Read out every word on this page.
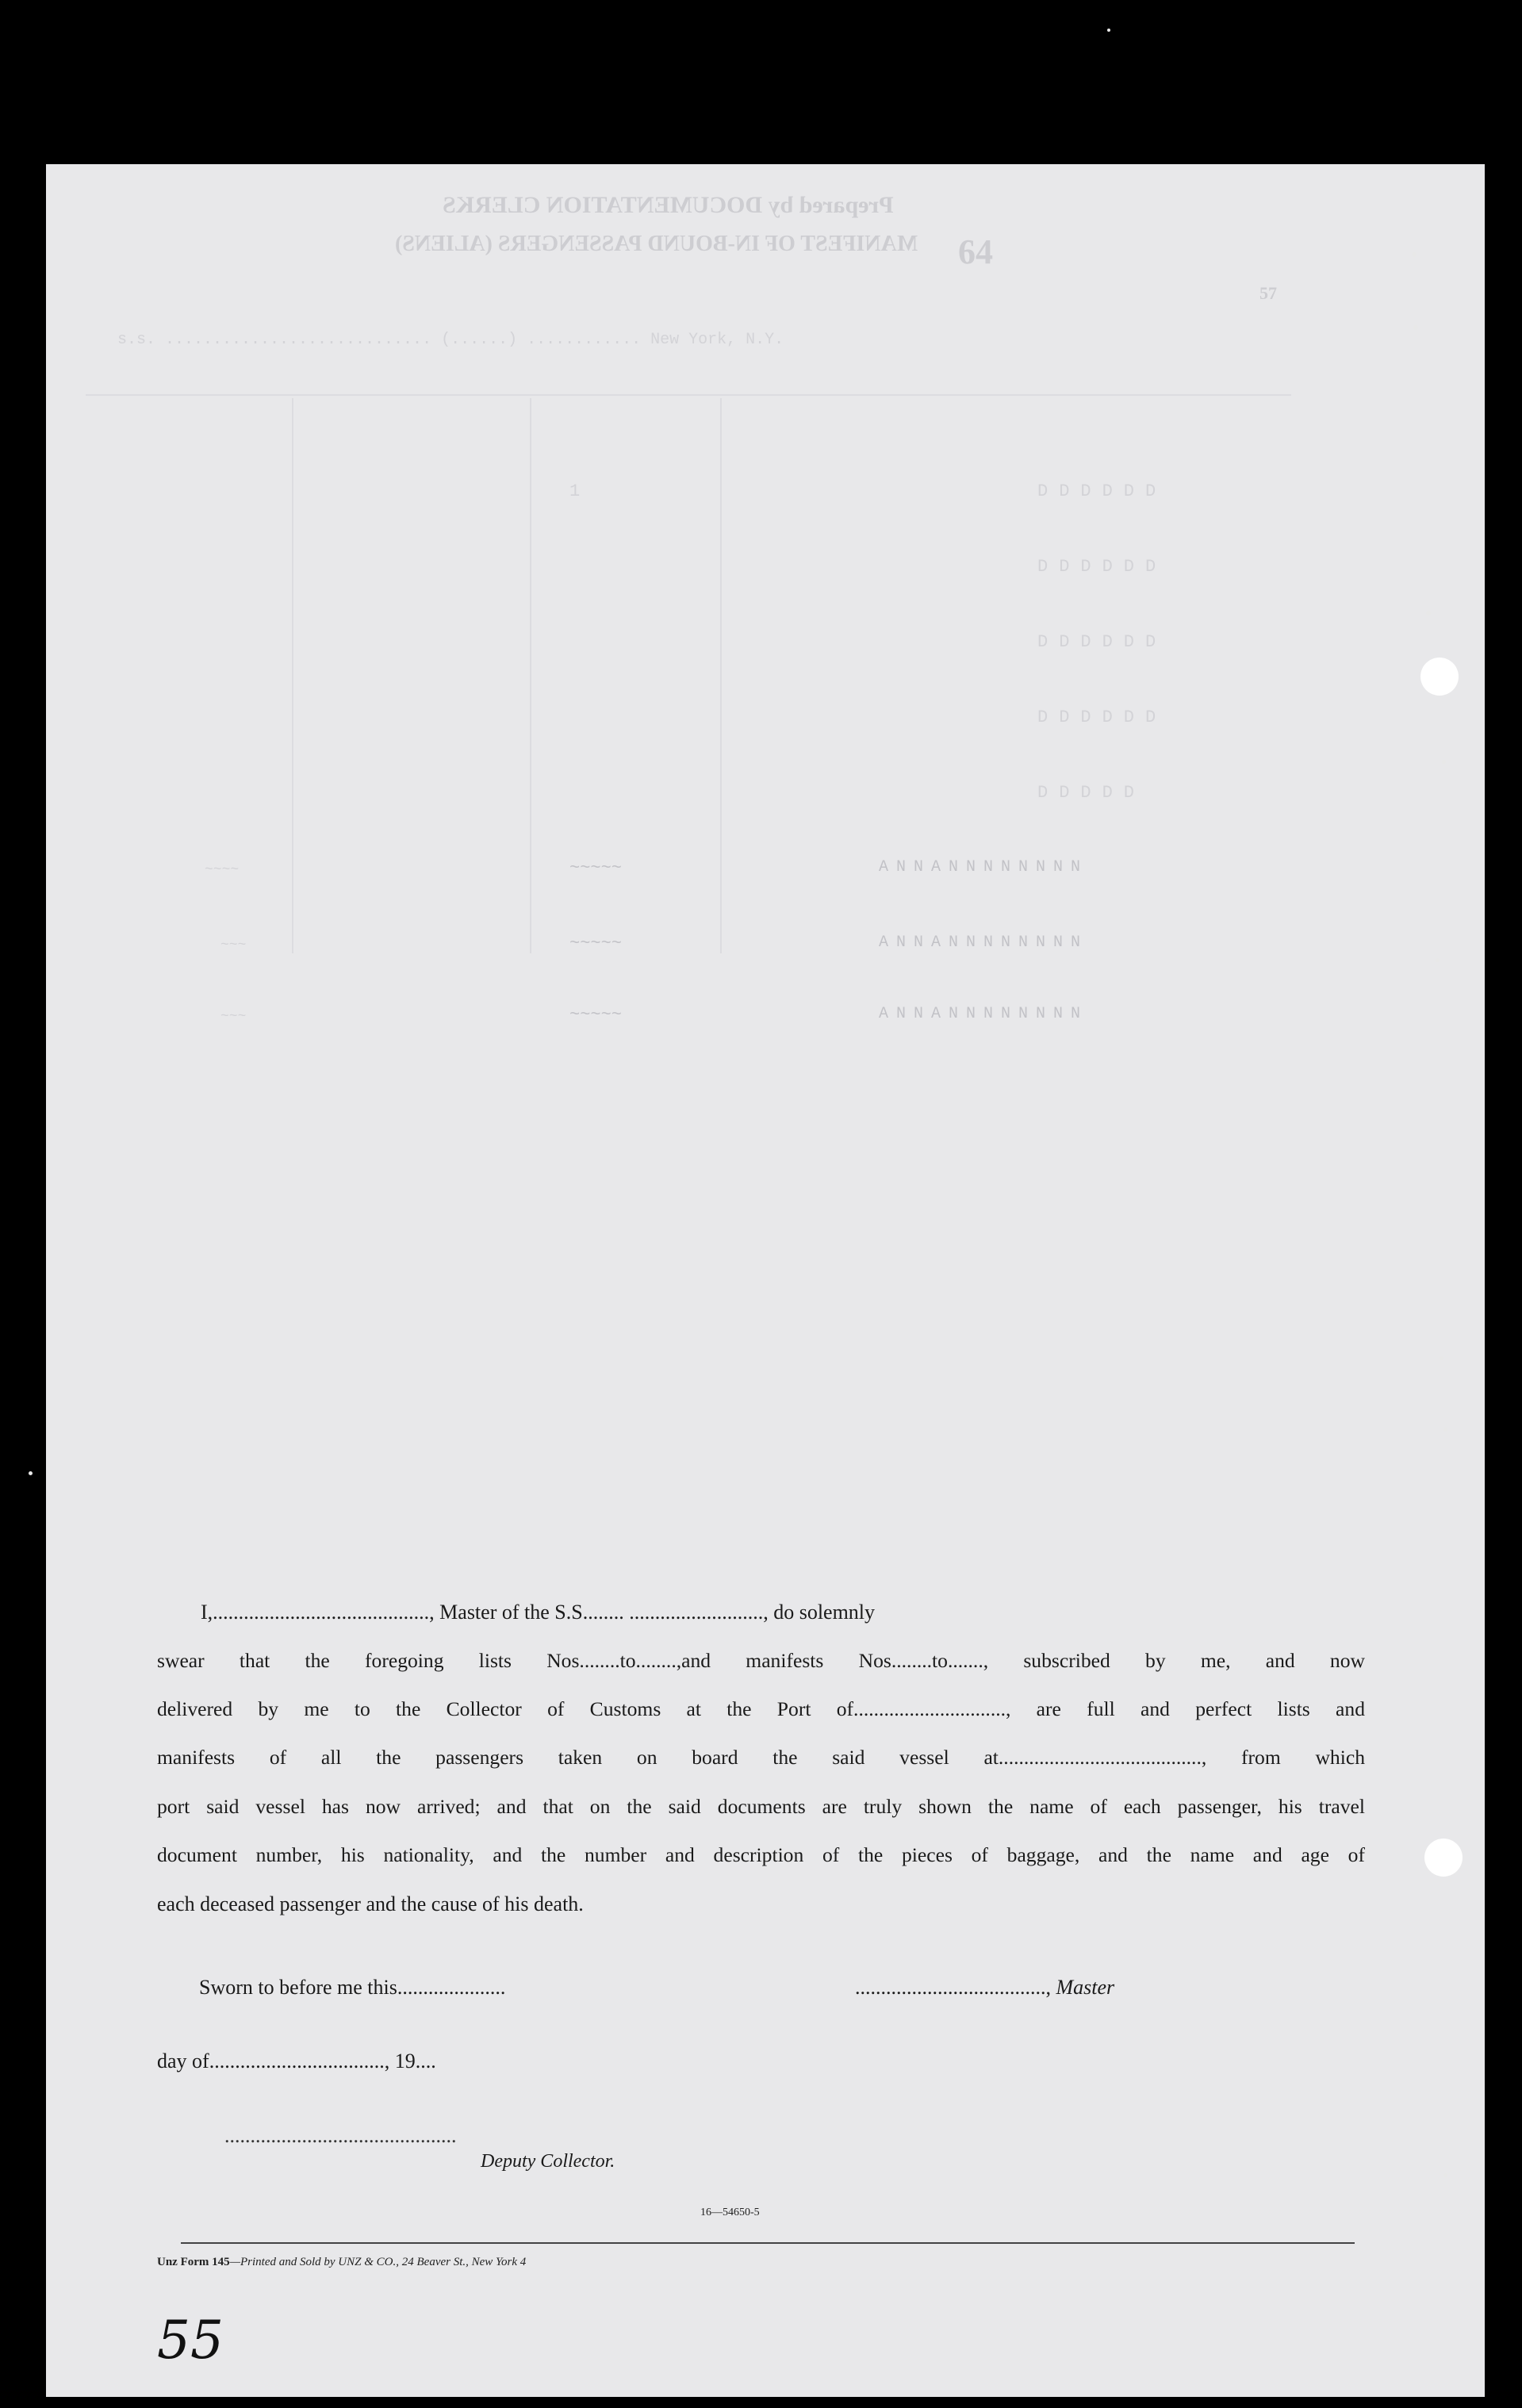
Prepared by DOCUMENTATION CLERKS
MANIFEST OF IN-BOUND PASSENGERS (ALIENS) 64
57
s.s. ............................ (......) ............ New York, N.Y.
1	DDDDDD
DDDDDD
DDDDDD
DDDDDD
DDDDD
ANNANNNNNNNN
ANNANNNNNNNN
ANNANNNNNNNN
~~~~~
~~~~~
~~~~~
~~~~
~~~
~~~
I,.........................................., Master of the S.S........ .........................., do solemnly
swear that the foregoing lists Nos........to........,and manifests Nos........to......., subscribed by me, and now
delivered by me to the Collector of Customs at the Port of.............................., are full and perfect lists and
manifests of all the passengers taken on board the said vessel at........................................, from which
port said vessel has now arrived; and that on the said documents are truly shown the name of each passenger, his travel
document number, his nationality, and the number and description of the pieces of baggage, and the name and age of
each deceased passenger and the cause of his death.
Sworn to before me this.....................	....................................., Master
day of.................................., 19....
.............................................
Deputy Collector.
16—54650-5
Unz Form 145—Printed and Sold by UNZ & CO., 24 Beaver St., New York 4
55
